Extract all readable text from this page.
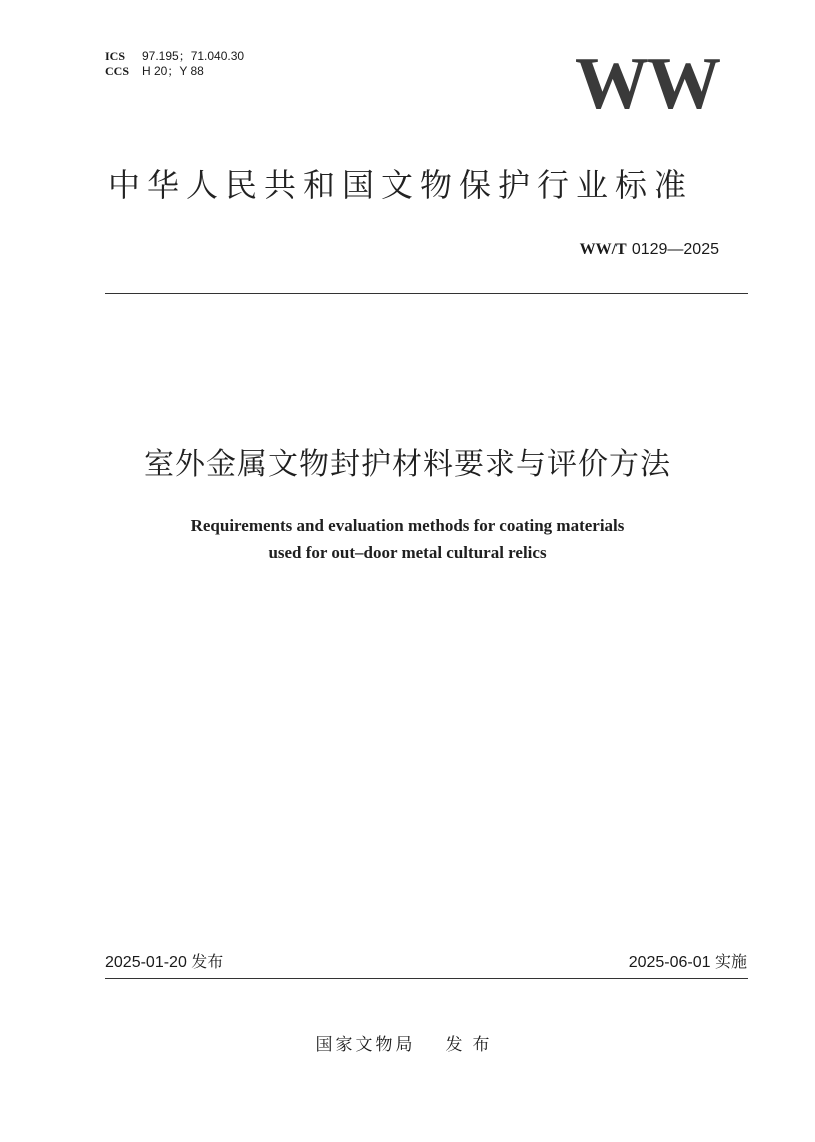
ICS 97.195；71.040.30
CCS H 20；Y 88	WW
中华人民共和国文物保护行业标准
WW/T 0129—2025
室外金属文物封护材料要求与评价方法
Requirements and evaluation methods for coating materials
used for out–door metal cultural relics
2025-01-20 发布	2025-06-01 实施
国家文物局 发布
